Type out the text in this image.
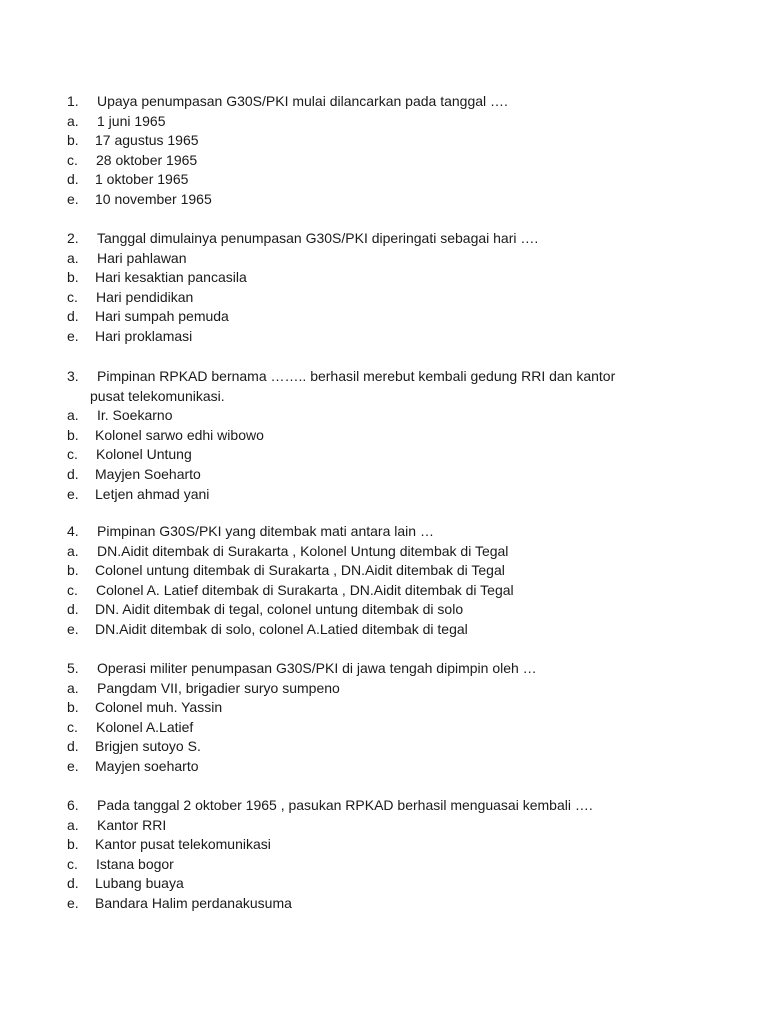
1. Upaya penumpasan G30S/PKI mulai dilancarkan pada tanggal ….
a. 1 juni 1965
b. 17 agustus 1965
c. 28 oktober 1965
d. 1 oktober 1965
e. 10 november 1965
2. Tanggal dimulainya penumpasan G30S/PKI diperingati sebagai hari ….
a. Hari pahlawan
b. Hari kesaktian pancasila
c. Hari pendidikan
d. Hari sumpah pemuda
e. Hari proklamasi
3. Pimpinan RPKAD bernama …….. berhasil merebut kembali gedung RRI dan kantor
pusat telekomunikasi.
a. Ir. Soekarno
b. Kolonel sarwo edhi wibowo
c. Kolonel Untung
d. Mayjen Soeharto
e. Letjen ahmad yani
4. Pimpinan G30S/PKI yang ditembak mati antara lain …
a. DN.Aidit ditembak di Surakarta , Kolonel Untung ditembak di Tegal
b. Colonel untung ditembak di Surakarta , DN.Aidit ditembak di Tegal
c. Colonel A. Latief ditembak di Surakarta , DN.Aidit ditembak di Tegal
d. DN. Aidit ditembak di tegal, colonel untung ditembak di solo
e. DN.Aidit ditembak di solo, colonel A.Latied ditembak di tegal
5. Operasi militer penumpasan G30S/PKI di jawa tengah dipimpin oleh …
a. Pangdam VII, brigadier suryo sumpeno
b. Colonel muh. Yassin
c. Kolonel A.Latief
d. Brigjen sutoyo S.
e. Mayjen soeharto
6. Pada tanggal 2 oktober 1965 , pasukan RPKAD berhasil menguasai kembali ….
a. Kantor RRI
b. Kantor pusat telekomunikasi
c. Istana bogor
d. Lubang buaya
e. Bandara Halim perdanakusuma
